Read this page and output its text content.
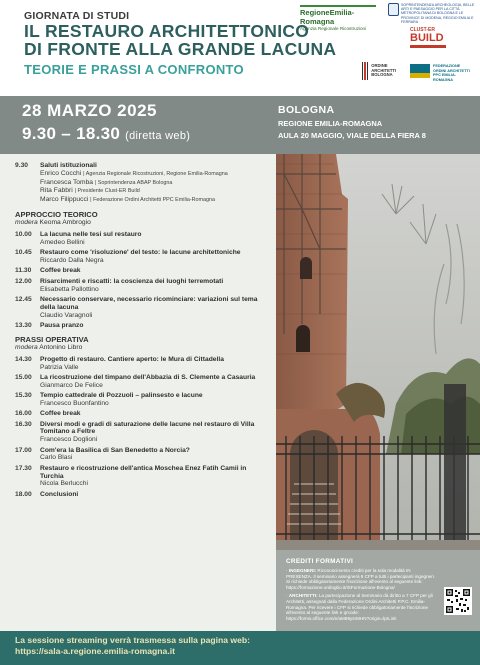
GIORNATA DI STUDI
IL RESTAURO ARCHITETTONICO
DI FRONTE ALLA GRANDE LACUNA
TEORIE E PRASSI A CONFRONTO
RegioneEmilia-Romagna
Agenzia Regionale Ricostruzioni
SOPRINTENDENZA ARCHEOLOGIA, BELLE ARTI E PAESAGGIO PER LA CITTÀ METROPOLITANA DI BOLOGNA E LE PROVINCE DI MODENA, REGGIO EMILIA E FERRARA
CLUST-ER
BUILD
ORDINE ARCHITETTI BOLOGNA
FEDERAZIONE ORDINI ARCHITETTI PPC EMILIA-ROMAGNA
28 MARZO 2025
9.30 – 18.30 (diretta web)
BOLOGNA
REGIONE EMILIA-ROMAGNA
AULA 20 MAGGIO, VIALE DELLA FIERA 8
9.30	Saluti istituzionali
Enrico Cocchi | Agenzia Regionale Ricostruzioni, Regione Emilia-Romagna
Francesca Tomba | Soprintendenza ABAP Bologna
Rita Fabbri | Presidente Clust-ER Build
Marco Filippucci | Federazione Ordini Architetti PPC Emilia-Romagna
APPROCCIO TEORICO
modera Keoma Ambrogio
10.00	La lacuna nelle tesi sul restauro
Amedeo Bellini
10.45	Restauro come 'risoluzione' del testo: le lacune architettoniche
Riccardo Dalla Negra
11.30	Coffee break
12.00	Risarcimenti e riscatti: la coscienza dei luoghi terremotati
Elisabetta Pallottino
12.45	Necessario conservare, necessario ricominciare: variazioni sul tema della lacuna
Claudio Varagnoli
13.30	Pausa pranzo
PRASSI OPERATIVA
modera Antonino Libro
14.30	Progetto di restauro. Cantiere aperto: le Mura di Cittadella
Patrizia Valle
15.00	La ricostruzione del timpano dell'Abbazia di S. Clemente a Casauria
Gianmarco De Felice
15.30	Tempio cattedrale di Pozzuoli – palinsesto e lacune
Francesco Buonfantino
16.00	Coffee break
16.30	Diversi modi e gradi di saturazione delle lacune nel restauro di Villa Tomitano a Feltre
Francesco Doglioni
17.00	Com'era la Basilica di San Benedetto a Norcia?
Carlo Blasi
17.30	Restauro e ricostruzione dell'antica Moschea Enez Fatih Camii in Turchia
Nicola Berlucchi
18.00	Conclusioni
CREDITI FORMATIVI
· INGEGNERI: Riconoscimento crediti per la sola modalità IN PRESENZA. Il seminario assegnerà 6 CFP a tutti i partecipanti ingegneri. Si richiede obbligatoriamente l'iscrizione all'evento al seguente link: https://formazione.ordingbo.it/ISFormazione-Bologna/
· ARCHITETTI: La partecipazione al Seminario dà diritto a 7 CFP per gli Architetti, assegnati dalla Federazione Ordini Architetti P.P.C. Emilia-Romagna. Per ricevere i CFP si richiede obbligatoriamente l'iscrizione all'evento al seguente link e qrcode: https://forms.office.com/e/aM89ysrMHN?origin=lprLink
La sessione streaming verrà trasmessa sulla pagina web:
https://sala-a.regione.emilia-romagna.it
